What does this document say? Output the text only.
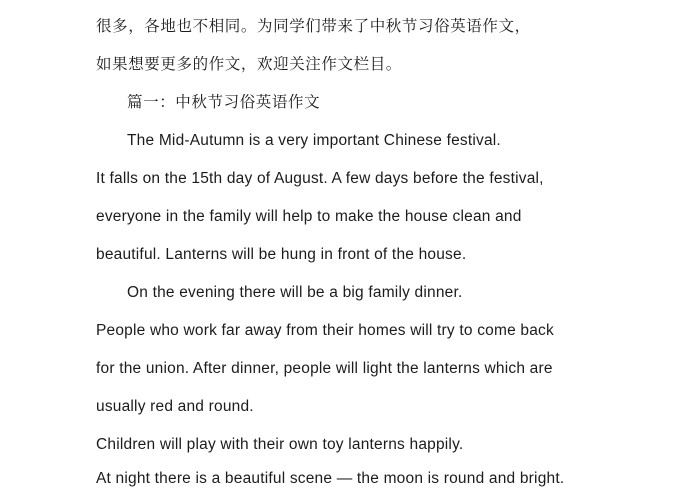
很多，各地也不相同。为同学们带来了中秋节习俗英语作文，

如果想要更多的作文，欢迎关注作文栏目。

篇一：中秋节习俗英语作文

The Mid-Autumn is a very important Chinese festival.

It falls on the 15th day of August. A few days before the festival,

everyone in the family will help to make the house clean and

beautiful. Lanterns will be hung in front of the house.

On the evening there will be a big family dinner.

People who work far away from their homes will try to come back

for the union. After dinner, people will light the lanterns which are

usually red and round.

Children will play with their own toy lanterns happily.

At night there is a beautiful scene — the moon is round and bright.
